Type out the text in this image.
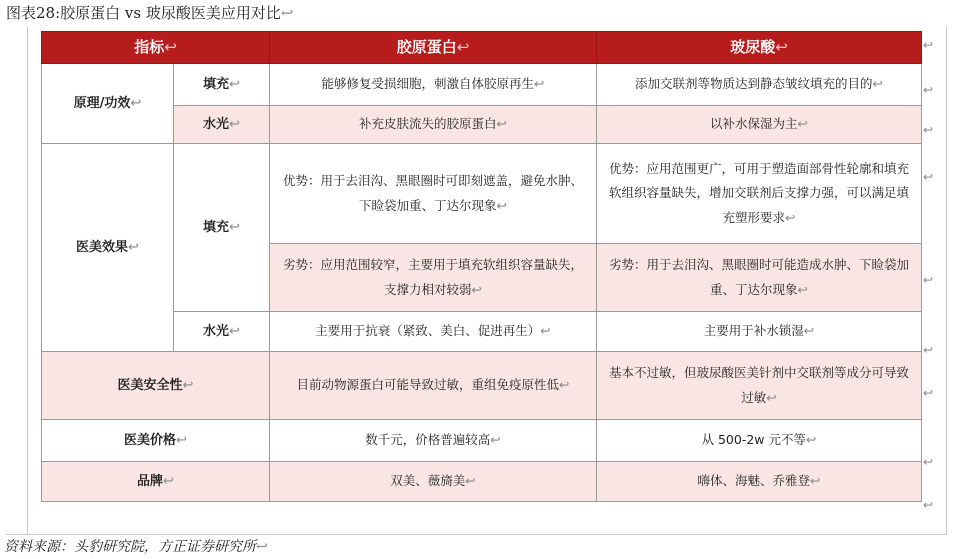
图表28:胶原蛋白 vs 玻尿酸医美应用对比↩
指标↩		胶原蛋白↩	玻尿酸↩
原理/功效↩	填充↩	能够修复受损细胞，刺激自体胶原再生↩	添加交联剂等物质达到静态皱纹填充的目的↩
	水光↩	补充皮肤流失的胶原蛋白↩	以补水保湿为主↩
医美效果↩	填充↩	优势：用于去泪沟、黑眼圈时可即刻遮盖，避免水肿、下睑袋加重、丁达尔现象↩	优势：应用范围更广，可用于塑造面部骨性轮廓和填充软组织容量缺失，增加交联剂后支撑力强，可以满足填充塑形要求↩
		劣势：应用范围较窄，主要用于填充软组织容量缺失，支撑力相对较弱↩	劣势：用于去泪沟、黑眼圈时可能造成水肿、下睑袋加重、丁达尔现象↩
	水光↩	主要用于抗衰（紧致、美白、促进再生）↩	主要用于补水锁湿↩
医美安全性↩		目前动物源蛋白可能导致过敏，重组免疫原性低↩	基本不过敏，但玻尿酸医美针剂中交联剂等成分可导致过敏↩
医美价格↩		数千元，价格普遍较高↩	从 500-2w 元不等↩
品牌↩		双美、薇旖美↩	嗨体、海魅、乔雅登↩
↩
↩
↩
↩
↩
↩
↩
↩
↩
资料来源：头豹研究院，方正证券研究所↩
